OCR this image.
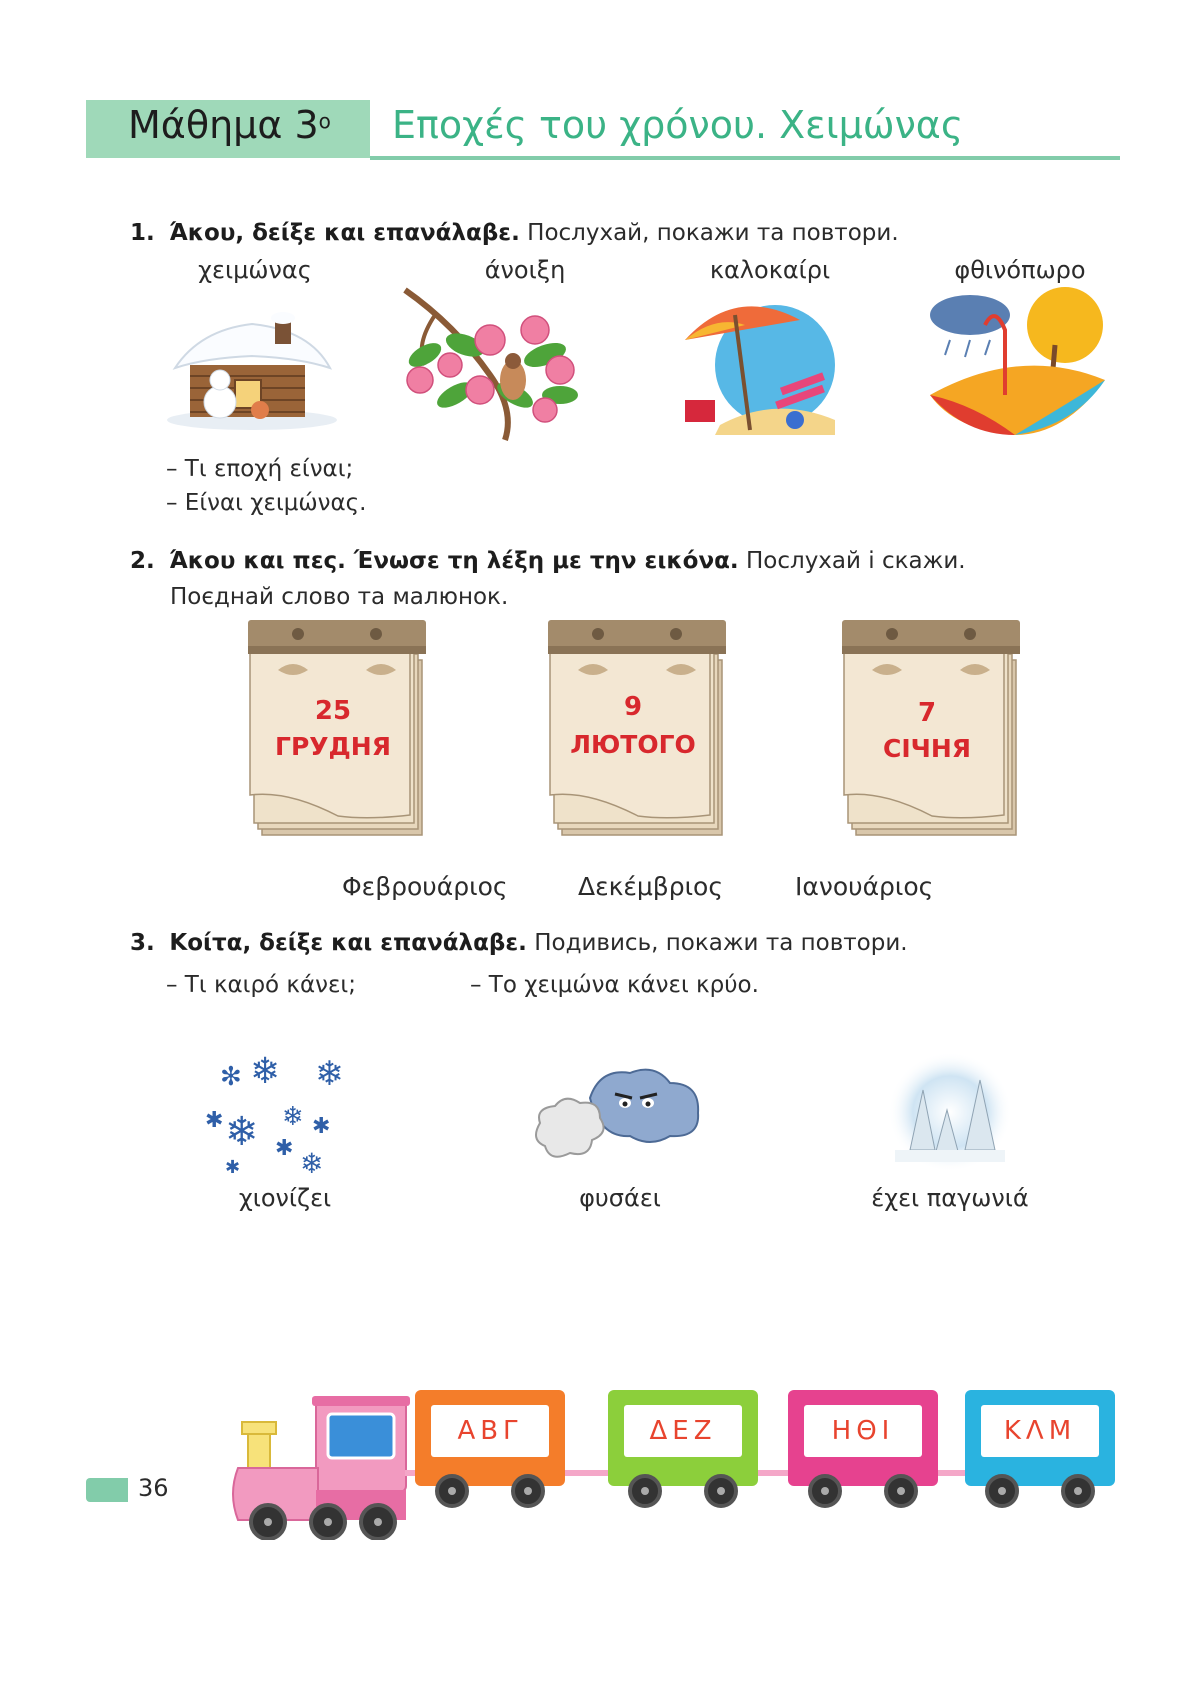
Μάθημα $3^o$ Εποχές του χρόνου. Χειμώνας
1. Άκου, δείξε και επανάλαβε. Послухай, покажи та повтори.
χειμώνας	άνοιξη	καλοκαίρι	φθινόπωρο
– Τι εποχή είναι;
– Είναι χειμώνας.
2. Άκου και πες. Ένωσε τη λέξη με την εικόνα. Послухай і скажи.
Поєднай слово та малюнок.
25
ГРУДНЯ
9
ЛЮТОГО
7
СІЧНЯ
Φεβρουάριος	Δεκέμβριος	Ιανουάριος
3. Κοίτα, δείξε και επανάλαβε. Подивись, покажи та повтори.
– Τι καιρό κάνει;	– Το χειμώνα κάνει κρύο.
✻ ❄ ❄
✱ ❄ ❄ ✱
✱ ❄
✱
χιονίζει	φυσάει	έχει παγωνιά
ΑΒΓ	ΔΕΖ	ΗΘΙ	ΚΛΜ
36
